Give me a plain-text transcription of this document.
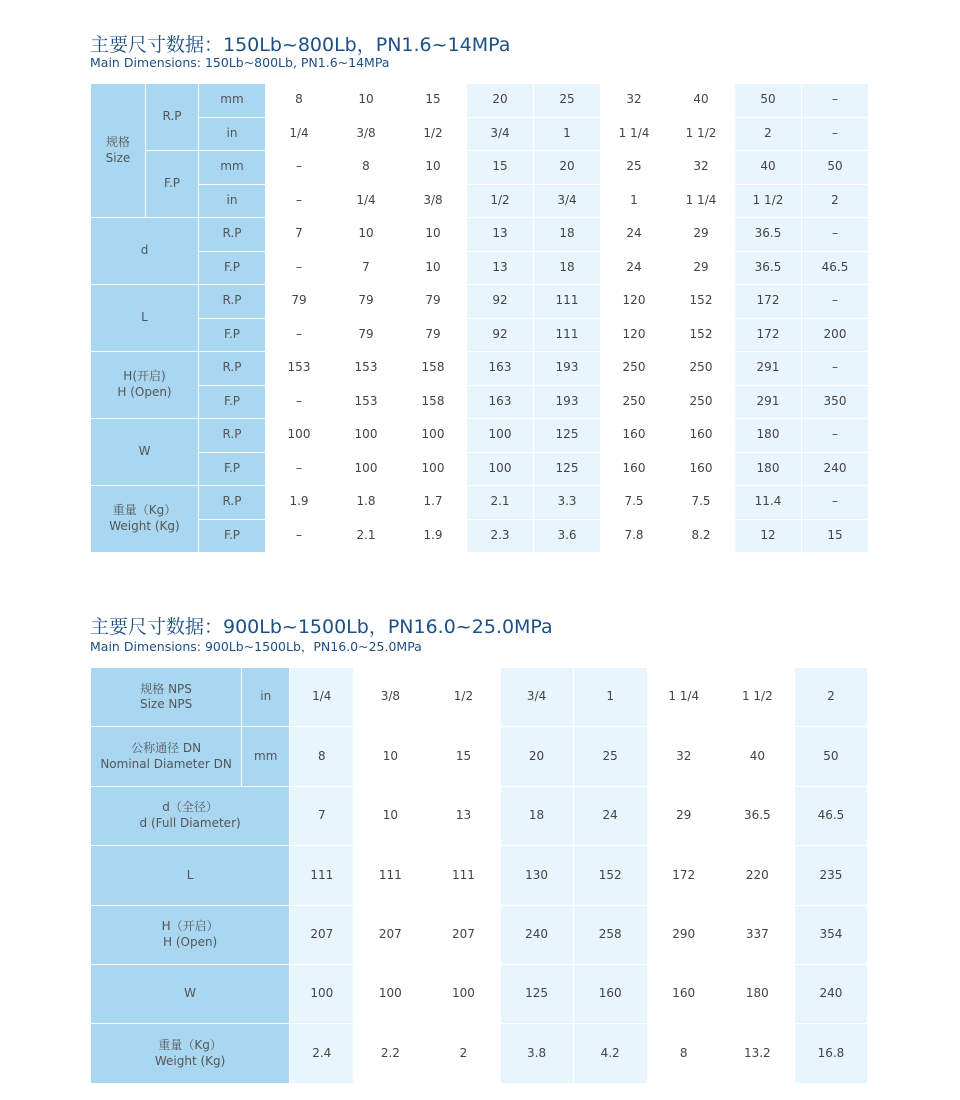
主要尺寸数据：150Lb~800Lb，PN1.6~14MPa
Main Dimensions: 150Lb~800Lb, PN1.6~14MPa
规格
Size	R.P	mm	8	10	15	20	25	32	40	50	–
		in	1/4	3/8	1/2	3/4	1	1 1/4	1 1/2	2	–
	F.P	mm	–	8	10	15	20	25	32	40	50
		in	–	1/4	3/8	1/2	3/4	1	1 1/4	1 1/2	2

d		R.P	7	10	10	13	18	24	29	36.5	–
		F.P	–	7	10	13	18	24	29	36.5	46.5

L		R.P	79	79	79	92	111	120	152	172	–
		F.P	–	79	79	92	111	120	152	172	200

H(开启)
H (Open)		R.P	153	153	158	163	193	250	250	291	–
		F.P	–	153	158	163	193	250	250	291	350

W		R.P	100	100	100	100	125	160	160	180	–
		F.P	–	100	100	100	125	160	160	180	240

重量（Kg）
Weight (Kg)		R.P	1.9	1.8	1.7	2.1	3.3	7.5	7.5	11.4	–
		F.P	–	2.1	1.9	2.3	3.6	7.8	8.2	12	15
主要尺寸数据：900Lb~1500Lb，PN16.0~25.0MPa
Main Dimensions: 900Lb~1500Lb，PN16.0~25.0MPa
规格 NPS
Size NPS	in	1/4	3/8	1/2	3/4	1	1 1/4	1 1/2	2

公称通径 DN
Nominal Diameter DN	mm	8	10	15	20	25	32	40	50

d（全径）
d (Full Diameter)		7	10	13	18	24	29	36.5	46.5

L		111	111	111	130	152	172	220	235

H（开启）
H (Open)		207	207	207	240	258	290	337	354

W		100	100	100	125	160	160	180	240

重量（Kg）
Weight (Kg)		2.4	2.2	2	3.8	4.2	8	13.2	16.8
